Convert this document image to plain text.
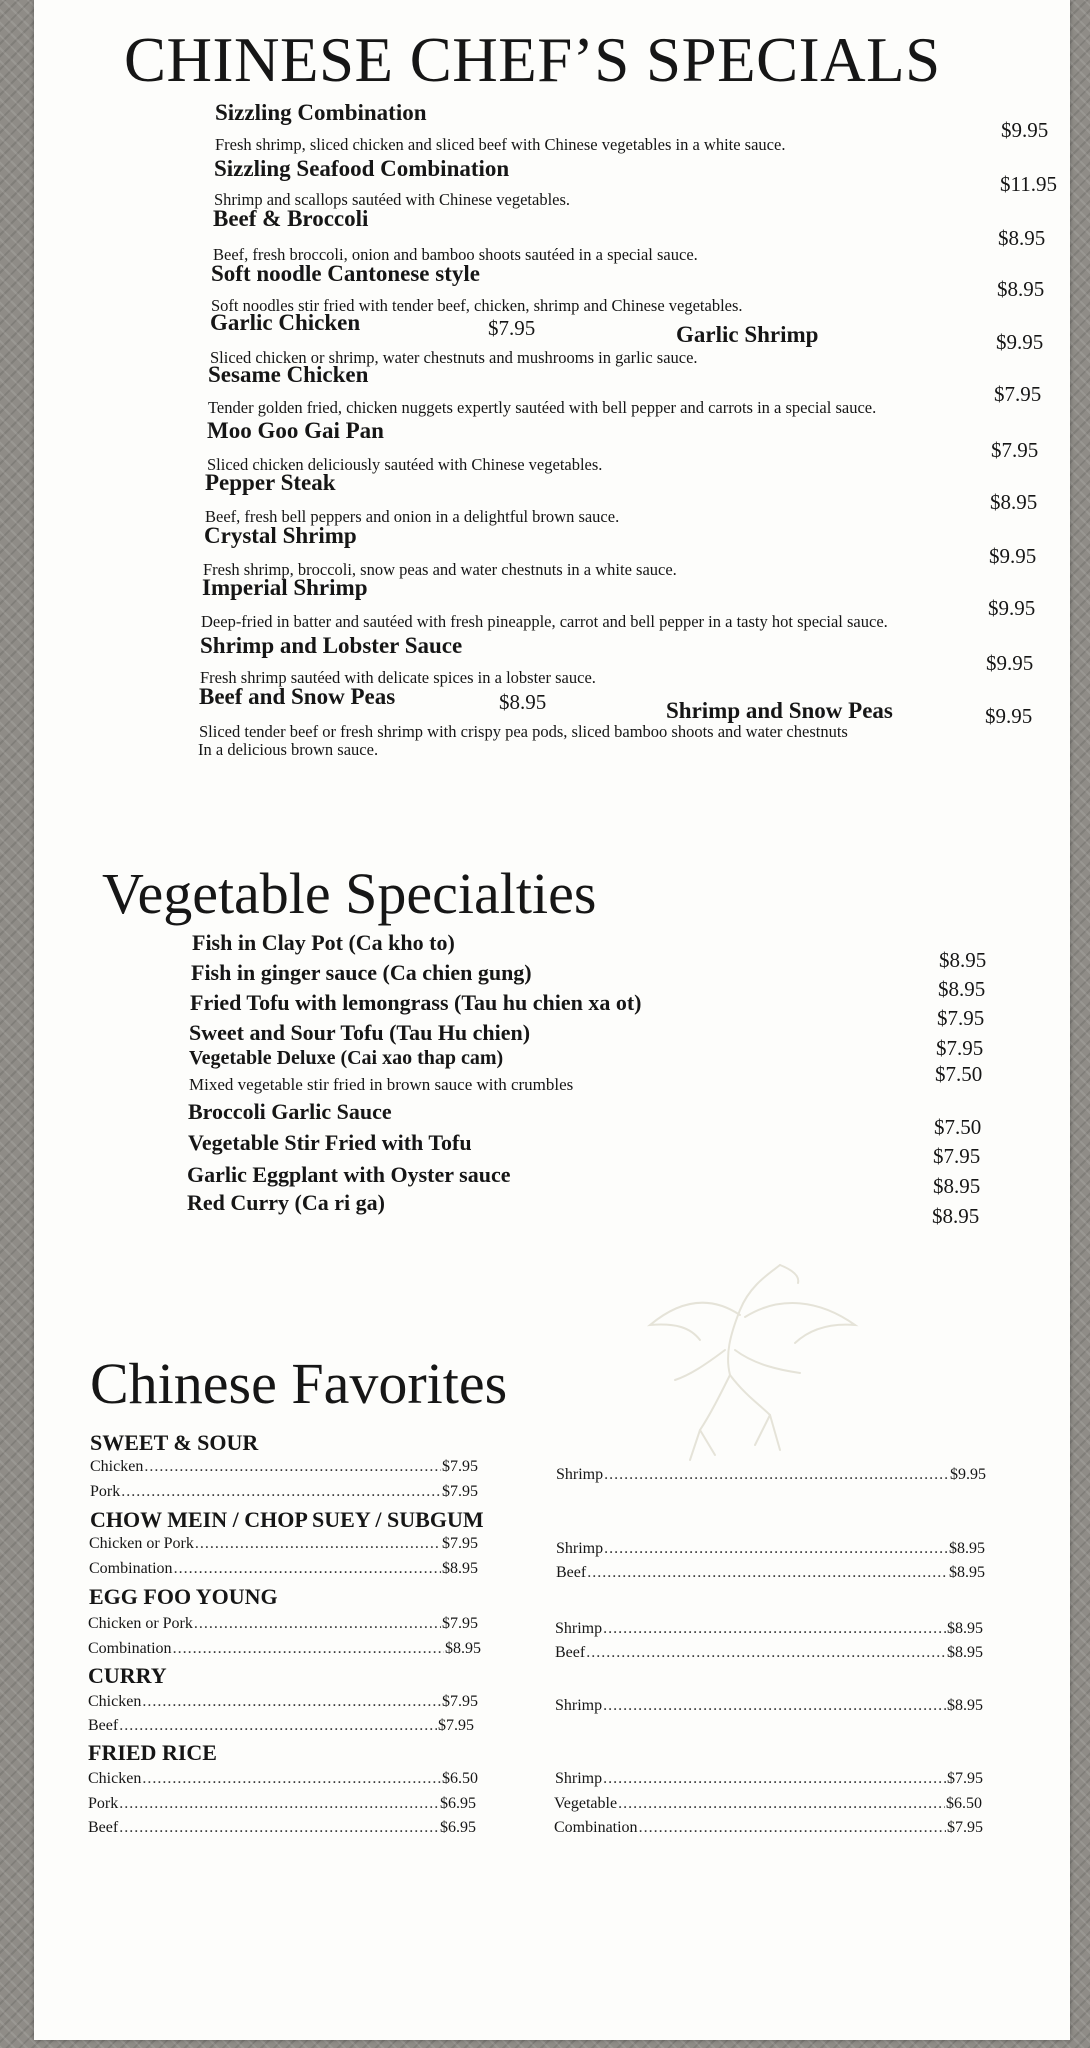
CHINESE CHEF’S SPECIALS
Sizzling Combination
Fresh shrimp, sliced chicken and sliced beef with Chinese vegetables in a white sauce.
$9.95
Sizzling Seafood Combination
Shrimp and scallops sautéed with Chinese vegetables.
$11.95
Beef & Broccoli
Beef, fresh broccoli, onion and bamboo shoots sautéed in a special sauce.
$8.95
Soft noodle Cantonese style
Soft noodles stir fried with tender beef, chicken, shrimp and Chinese vegetables.
$8.95
Garlic Chicken	$7.95	Garlic Shrimp
Sliced chicken or shrimp, water chestnuts and mushrooms in garlic sauce.
$9.95
Sesame Chicken
Tender golden fried, chicken nuggets expertly sautéed with bell pepper and carrots in a special sauce.
$7.95
Moo Goo Gai Pan
Sliced chicken deliciously sautéed with Chinese vegetables.
$7.95
Pepper Steak
Beef, fresh bell peppers and onion in a delightful brown sauce.
$8.95
Crystal Shrimp
Fresh shrimp, broccoli, snow peas and water chestnuts in a white sauce.
$9.95
Imperial Shrimp
Deep-fried in batter and sautéed with fresh pineapple, carrot and bell pepper in a tasty hot special sauce.
$9.95
Shrimp and Lobster Sauce
Fresh shrimp sautéed with delicate spices in a lobster sauce.
$9.95
Beef and Snow Peas	$8.95	Shrimp and Snow Peas	$9.95
Sliced tender beef or fresh shrimp with crispy pea pods, sliced bamboo shoots and water chestnuts
In a delicious brown sauce.
Vegetable Specialties
Fish in Clay Pot (Ca kho to)
$8.95
Fish in ginger sauce (Ca chien gung)
$8.95
Fried Tofu with lemongrass (Tau hu chien xa ot)
$7.95
Sweet and Sour Tofu (Tau Hu chien)
$7.95
Vegetable Deluxe (Cai xao thap cam)
$7.50
Mixed vegetable stir fried in brown sauce with crumbles
Broccoli Garlic Sauce
$7.50
Vegetable Stir Fried with Tofu
$7.95
Garlic Eggplant with Oyster sauce	$8.95
Red Curry (Ca ri ga)
$8.95
Chinese Favorites
SWEET & SOUR
Chicken .....	$7.95
Pork .....	$7.95
Shrimp .....	$9.95
CHOW MEIN / CHOP SUEY / SUBGUM
Chicken or Pork .....	$7.95
Combination .....	$8.95
Shrimp .....	$8.95
Beef .....	$8.95
EGG FOO YOUNG
Chicken or Pork .....	$7.95
Combination .....	$8.95
Shrimp .....	$8.95
Beef .....	$8.95
CURRY
Chicken .....	$7.95
Beef .....	$7.95
Shrimp .....	$8.95
FRIED RICE
Chicken .....	$6.50
Pork .....	$6.95
Beef .....	$6.95
Shrimp .....	$7.95
Vegetable .....	$6.50
Combination .....	$7.95
